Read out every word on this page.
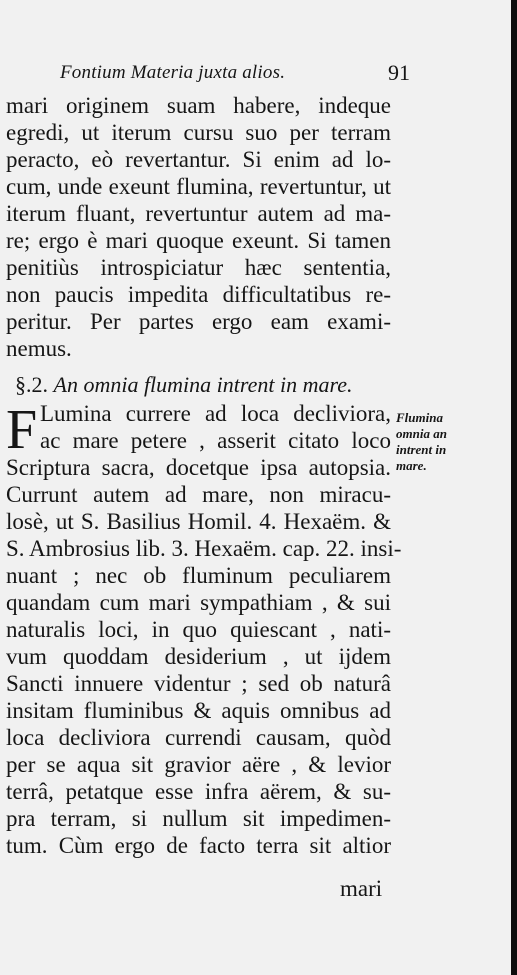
Fontium Materia juxta alios.	91
mari originem suam habere, indeque
egredi, ut iterum cursu suo per terram
peracto, eò revertantur. Si enim ad lo-
cum, unde exeunt flumina, revertuntur, ut
iterum fluant, revertuntur autem ad ma-
re; ergo è mari quoque exeunt. Si tamen
penitiùs introspiciatur hæc sententia,
non paucis impedita difficultatibus re-
peritur. Per partes ergo eam exami-
nemus.
§.2. An omnia flumina intrent in mare.
F Lumina currere ad loca decliviora,
ac mare petere , asserit citato loco
Scriptura sacra, docetque ipsa autopsia.
Currunt autem ad mare, non miracu-
losè, ut S. Basilius Homil. 4. Hexaëm. &
S. Ambrosius lib. 3. Hexaëm. cap. 22. insi-
nuant ; nec ob fluminum peculiarem
quandam cum mari sympathiam , & sui
naturalis loci, in quo quiescant , nati-
vum quoddam desiderium , ut ijdem
Sancti innuere videntur ; sed ob naturâ
insitam fluminibus & aquis omnibus ad
loca decliviora currendi causam, quòd
per se aqua sit gravior aëre , & levior
terrâ, petatque esse infra aërem, & su-
pra terram, si nullum sit impedimen-
tum. Cùm ergo de facto terra sit altior
Flumina
omnia an
intrent in
mare.
mari
